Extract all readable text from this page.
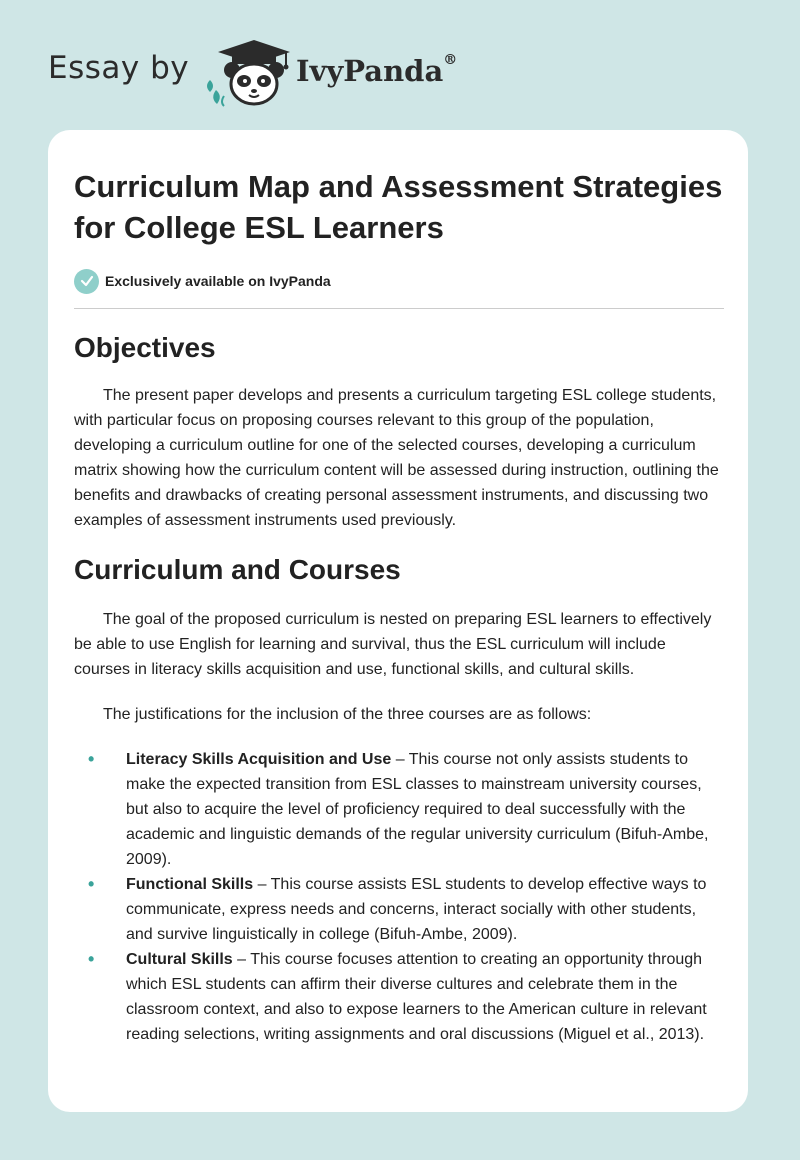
Essay by	IvyPanda®
Curriculum Map and Assessment Strategies for College ESL Learners
Exclusively available on IvyPanda
Objectives

The present paper develops and presents a curriculum targeting ESL college students, with particular focus on proposing courses relevant to this group of the population, developing a curriculum outline for one of the selected courses, developing a curriculum matrix showing how the curriculum content will be assessed during instruction, outlining the benefits and drawbacks of creating personal assessment instruments, and discussing two examples of assessment instruments used previously.

Curriculum and Courses

The goal of the proposed curriculum is nested on preparing ESL learners to effectively be able to use English for learning and survival, thus the ESL curriculum will include courses in literacy skills acquisition and use, functional skills, and cultural skills.

The justifications for the inclusion of the three courses are as follows:

• Literacy Skills Acquisition and Use – This course not only assists students to make the expected transition from ESL classes to mainstream university courses, but also to acquire the level of proficiency required to deal successfully with the academic and linguistic demands of the regular university curriculum (Bifuh-Ambe, 2009).
• Functional Skills – This course assists ESL students to develop effective ways to communicate, express needs and concerns, interact socially with other students, and survive linguistically in college (Bifuh-Ambe, 2009).
• Cultural Skills – This course focuses attention to creating an opportunity through which ESL students can affirm their diverse cultures and celebrate them in the classroom context, and also to expose learners to the American culture in relevant reading selections, writing assignments and oral discussions (Miguel et al., 2013).
